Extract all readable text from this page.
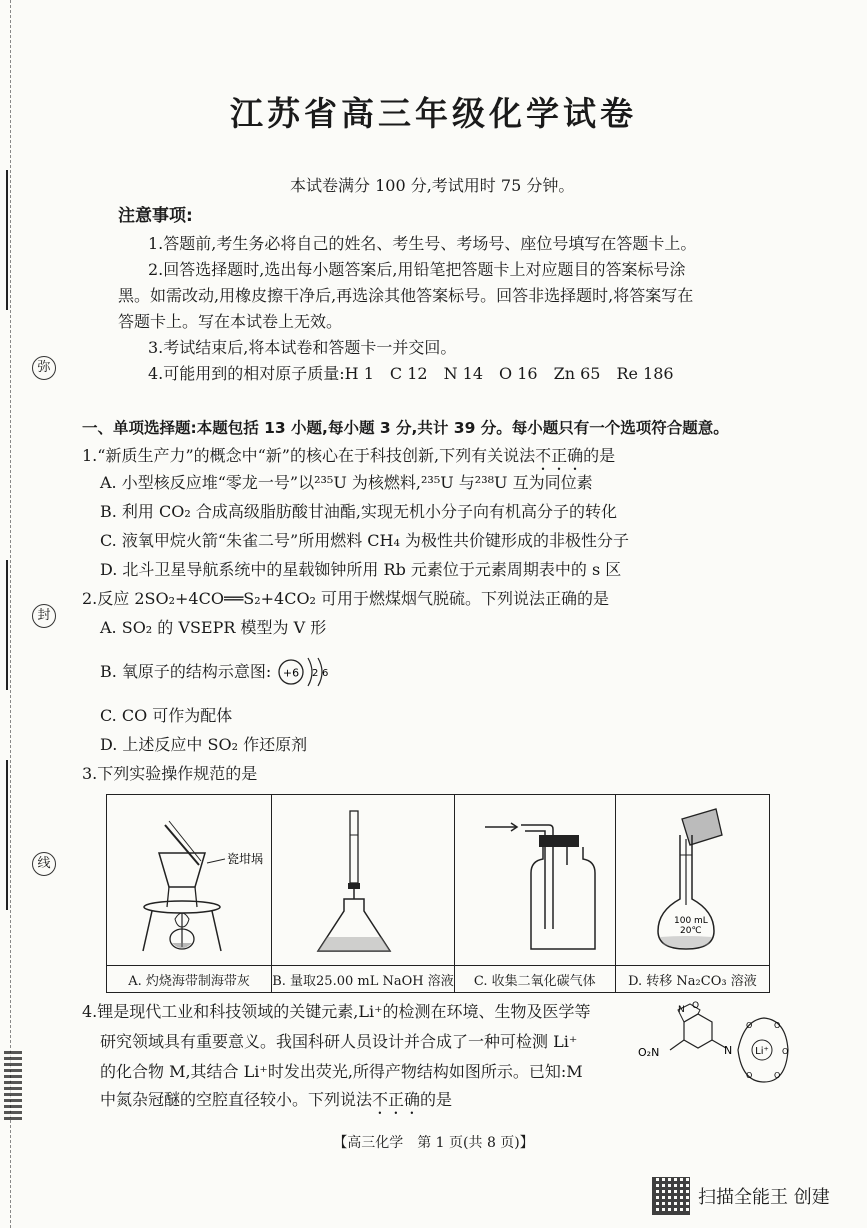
弥
封
线
江苏省高三年级化学试卷
本试卷满分 100 分,考试用时 75 分钟。
注意事项:
1.答题前,考生务必将自己的姓名、考生号、考场号、座位号填写在答题卡上。
2.回答选择题时,选出每小题答案后,用铅笔把答题卡上对应题目的答案标号涂
黑。如需改动,用橡皮擦干净后,再选涂其他答案标号。回答非选择题时,将答案写在
答题卡上。写在本试卷上无效。
3.考试结束后,将本试卷和答题卡一并交回。
4.可能用到的相对原子质量:H 1　C 12　N 14　O 16　Zn 65　Re 186
一、单项选择题:本题包括 13 小题,每小题 3 分,共计 39 分。每小题只有一个选项符合题意。
1.“新质生产力”的概念中“新”的核心在于科技创新,下列有关说法不正确的是
A. 小型核反应堆“零龙一号”以²³⁵U 为核燃料,²³⁵U 与²³⁸U 互为同位素
B. 利用 CO₂ 合成高级脂肪酸甘油酯,实现无机小分子向有机高分子的转化
C. 液氧甲烷火箭“朱雀二号”所用燃料 CH₄ 为极性共价键形成的非极性分子
D. 北斗卫星导航系统中的星载铷钟所用 Rb 元素位于元素周期表中的 s 区
2.反应 2SO₂+4CO══S₂+4CO₂ 可用于燃煤烟气脱硫。下列说法正确的是
A. SO₂ 的 VSEPR 模型为 V 形
B. 氧原子的结构示意图: +6 2 6
C. CO 可作为配体
D. 上述反应中 SO₂ 作还原剂
3.下列实验操作规范的是
瓷坩埚			100 mL
20℃

A. 灼烧海带制海带灰	B. 量取25.00 mL NaOH 溶液	C. 收集二氧化碳气体	D. 转移 Na₂CO₃ 溶液
4.锂是现代工业和科技领域的关键元素,Li⁺的检测在环境、生物及医学等
研究领域具有重要意义。我国科研人员设计并合成了一种可检测 Li⁺
的化合物 M,其结合 Li⁺时发出荧光,所得产物结构如图所示。已知:M
中氮杂冠醚的空腔直径较小。下列说法不正确的是
N O
O₂N	N Li⁺
O	O
O
O	O
【高三化学　第 1 页(共 8 页)】
扫描全能王 创建
